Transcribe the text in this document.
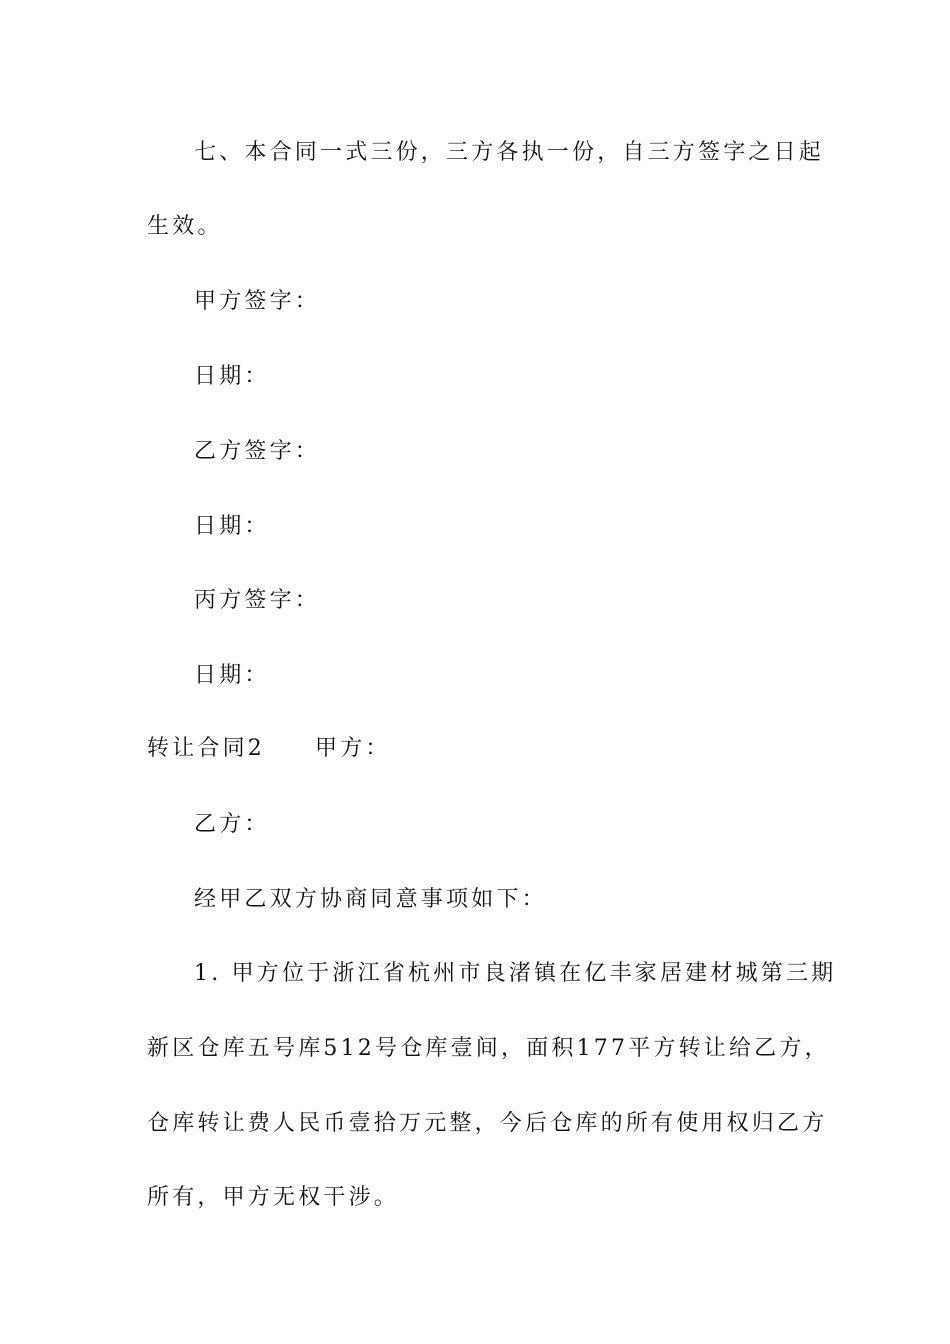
七、本合同一式三份，三方各执一份，自三方签字之日起
生效。
甲方签字：
日期：
乙方签字：
日期：
丙方签字：
日期：
转让合同2 甲方：
乙方：
经甲乙双方协商同意事项如下：
1. 甲方位于浙江省杭州市良渚镇在亿丰家居建材城第三期
新区仓库五号库512号仓库壹间，面积177平方转让给乙方，
仓库转让费人民币壹拾万元整，今后仓库的所有使用权归乙方
所有，甲方无权干涉。
